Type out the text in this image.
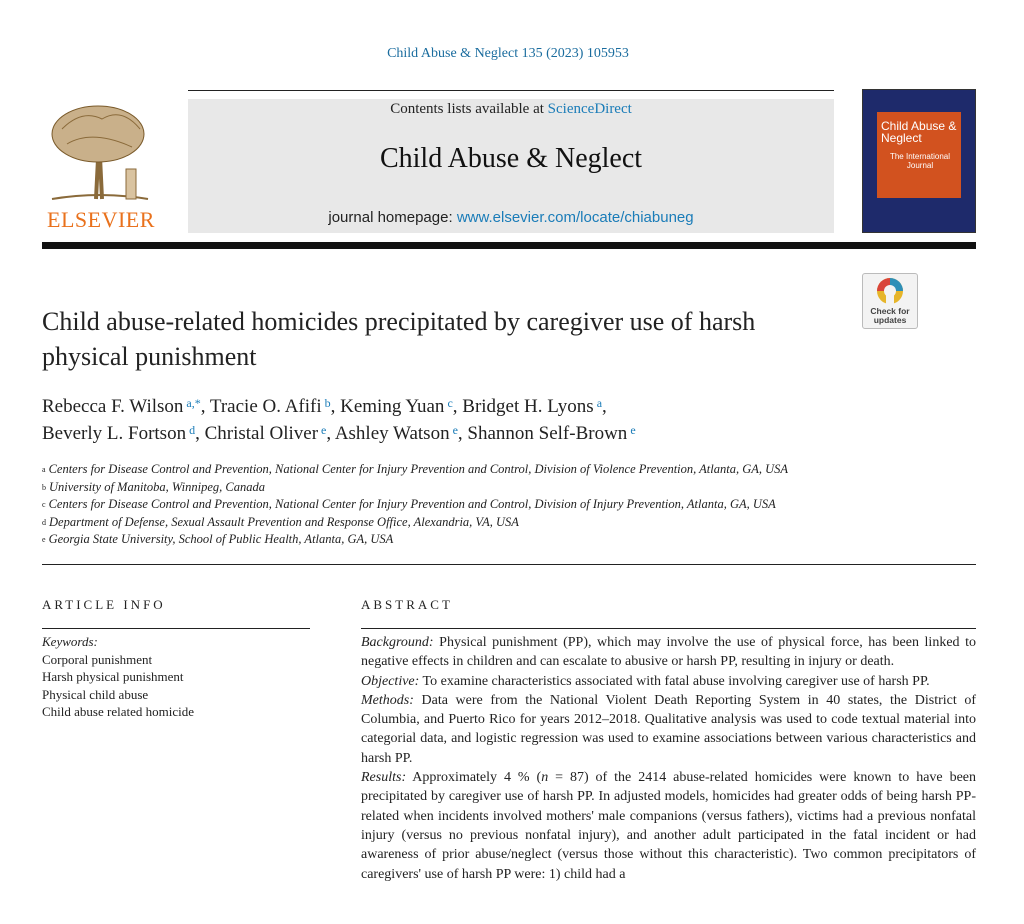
Child Abuse & Neglect 135 (2023) 105953
ELSEVIER
Contents lists available at ScienceDirect
Child Abuse & Neglect
journal homepage: www.elsevier.com/locate/chiabuneg
Child Abuse & Neglect
The International Journal
Check for updates
Child abuse-related homicides precipitated by caregiver use of harsh physical punishment
Rebecca F. Wilson $^{a,*}$, Tracie O. Afifi $^b$, Keming Yuan $^c$, Bridget H. Lyons $^a$,
Beverly L. Fortson $^d$, Christal Oliver $^e$, Ashley Watson $^e$, Shannon Self-Brown $^e$
$^a$ Centers for Disease Control and Prevention, National Center for Injury Prevention and Control, Division of Violence Prevention, Atlanta, GA, USA
$^b$ University of Manitoba, Winnipeg, Canada
$^c$ Centers for Disease Control and Prevention, National Center for Injury Prevention and Control, Division of Injury Prevention, Atlanta, GA, USA
$^d$ Department of Defense, Sexual Assault Prevention and Response Office, Alexandria, VA, USA
$^e$ Georgia State University, School of Public Health, Atlanta, GA, USA
ARTICLE INFO
Keywords:
Corporal punishment
Harsh physical punishment
Physical child abuse
Child abuse related homicide
ABSTRACT

Background: Physical punishment (PP), which may involve the use of physical force, has been linked to negative effects in children and can escalate to abusive or harsh PP, resulting in injury or death.

Objective: To examine characteristics associated with fatal abuse involving caregiver use of harsh PP.

Methods: Data were from the National Violent Death Reporting System in 40 states, the District of Columbia, and Puerto Rico for years 2012–2018. Qualitative analysis was used to code textual material into categorial data, and logistic regression was used to examine associations between various characteristics and harsh PP.

Results: Approximately 4 % (n = 87) of the 2414 abuse-related homicides were known to have been precipitated by caregiver use of harsh PP. In adjusted models, homicides had greater odds of being harsh PP-related when incidents involved mothers' male companions (versus fathers), victims had a previous nonfatal injury (versus no previous nonfatal injury), and another adult participated in the fatal incident or had awareness of prior abuse/neglect (versus those without this characteristic). Two common precipitators of caregivers' use of harsh PP were: 1) child had a
